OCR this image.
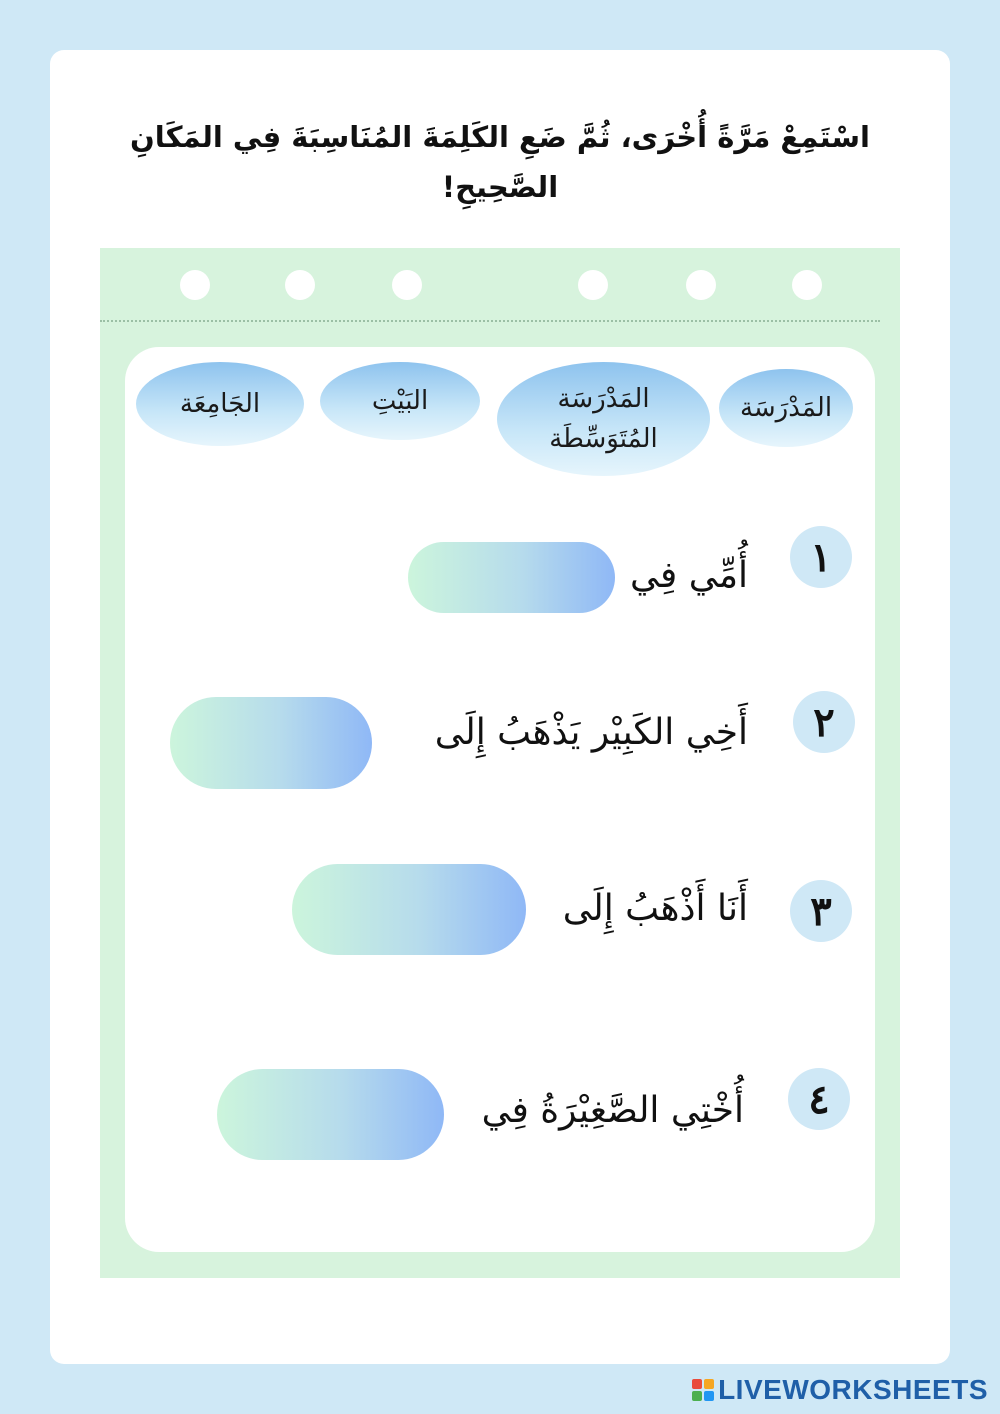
اسْتَمِعْ مَرَّةً أُخْرَى، ثُمَّ ضَعِ الكَلِمَةَ المُنَاسِبَةَ فِي المَكَانِ الصَّحِيحِ!
المَدْرَسَة
المَدْرَسَة المُتَوَسِّطَة
البَيْتِ
الجَامِعَة
١
أُمِّي فِي
٢
أَخِي الكَبِيْر يَذْهَبُ إِلَى
٣
أَنَا أَذْهَبُ إِلَى
٤
أُخْتِي الصَّغِيْرَةُ فِي
LIVEWORKSHEETS
